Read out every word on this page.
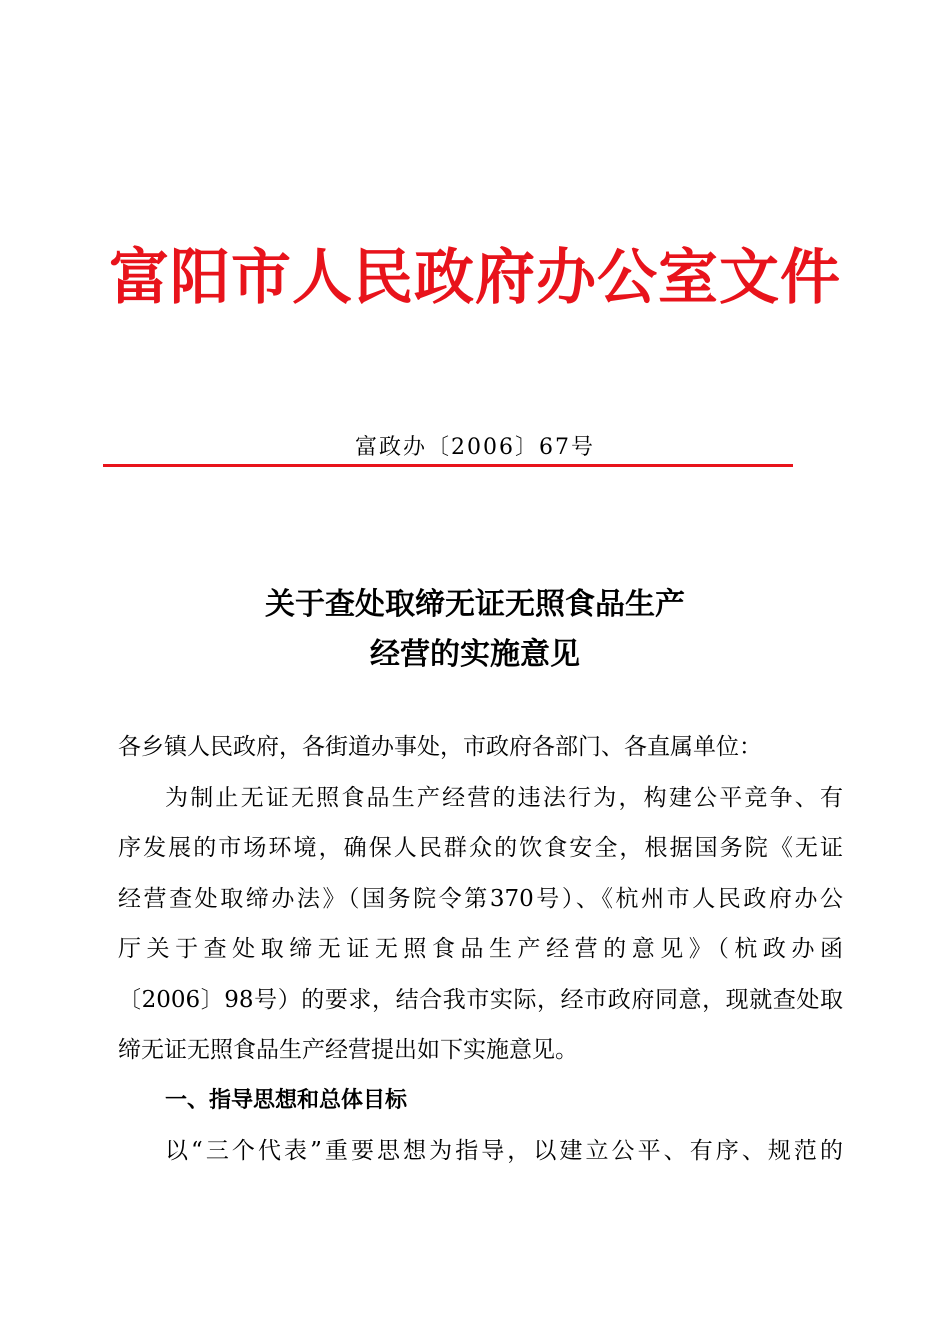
富阳市人民政府办公室文件
富政办〔2006〕67号
关于查处取缔无证无照食品生产
经营的实施意见
各乡镇人民政府，各街道办事处，市政府各部门、各直属单位：
为制止无证无照食品生产经营的违法行为，构建公平竞争、有
序发展的市场环境，确保人民群众的饮食安全，根据国务院《无证
经营查处取缔办法》（国务院令第370号）、《杭州市人民政府办公
厅关于查处取缔无证无照食品生产经营的意见》（杭政办函
〔2006〕98号）的要求，结合我市实际，经市政府同意，现就查处取
缔无证无照食品生产经营提出如下实施意见。
一、指导思想和总体目标
以“三个代表”重要思想为指导，以建立公平、有序、规范的
